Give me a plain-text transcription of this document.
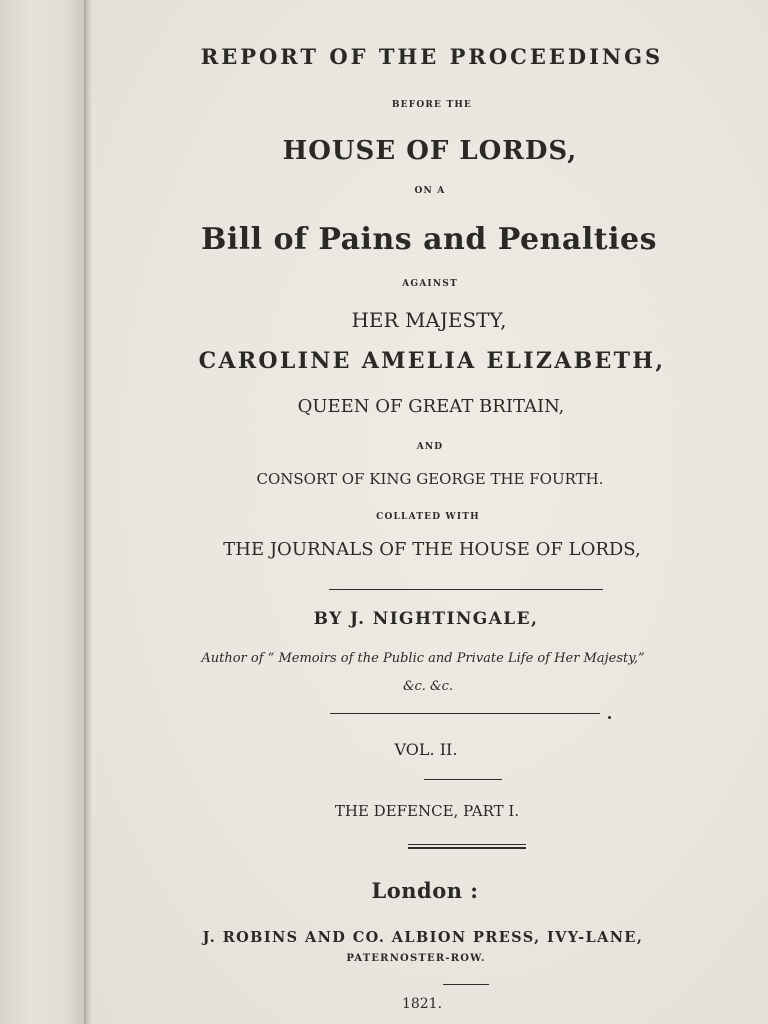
REPORT OF THE PROCEEDINGS
BEFORE THE
HOUSE OF LORDS,
ON A
Bill of Pains and Penalties
AGAINST
HER MAJESTY,
CAROLINE AMELIA ELIZABETH,
QUEEN OF GREAT BRITAIN,
AND
CONSORT OF KING GEORGE THE FOURTH.
COLLATED WITH
THE JOURNALS OF THE HOUSE OF LORDS,
BY J. NIGHTINGALE,
Author of “ Memoirs of the Public and Private Life of Her Majesty,”
&c. &c.
VOL. II.
THE DEFENCE, PART I.
London :
J. ROBINS AND CO. ALBION PRESS, IVY-LANE,
PATERNOSTER-ROW.
1821.
